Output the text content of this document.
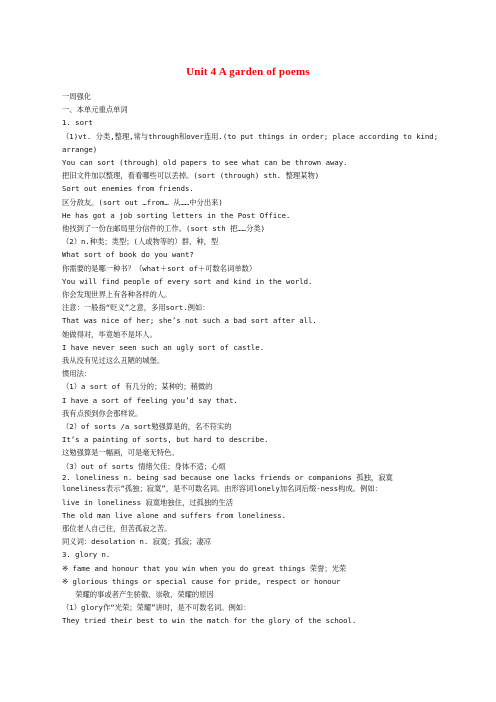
Unit 4 A garden of poems
一周强化
一、本单元重点单词
1. sort
（1)vt. 分类,整理,常与through和over连用.(to put things in order; place according to kind; arrange)
You can sort (through) old papers to see what can be thrown away.
把旧文件加以整理，看看哪些可以丢掉。(sort (through) sth. 整理某物)
Sort out enemies from friends.
区分敌友。(sort out …from… 从……中分出来)
He has got a job sorting letters in the Post Office.
他找到了一份在邮局里分信件的工作。(sort sth 把……分类)
（2）n.种类；类型；(人或物等的）群，种，型
What sort of book do you want?
你需要的是哪一种书？（what＋sort of＋可数名词单数）
You will find people of every sort and kind in the world.
你会发现世界上有各种各样的人。
注意：一般指“贬义”之意，多用sort.例如：
That was nice of her; she’s not such a bad sort after all.
她做得对，毕竟她不是坏人。
I have never seen such an ugly sort of castle.
我从没有见过这么丑陋的城堡。
惯用法：
（1）a sort of 有几分的；某种的；稍微的
I have a sort of feeling you’d say that.
我有点预到你会那样说。
（2）of sorts /a sort勉强算是的，名不符实的
It’s a painting of sorts, but hard to describe.
这勉强算是一幅画，可是毫无特色。
（3）out of sorts 情绪欠佳；身体不适；心烦
2. loneliness n. being sad because one lacks friends or companions 孤独，寂寞
loneliness表示“孤独；寂寞”，是不可数名词。由形容词lonely加名词后缀-ness构成。例如：
live in loneliness 寂寞地独住，过孤独的生活
The old man live alone and suffers from loneliness.
那位老人自己住，但苦孤寂之苦。
同义词：desolation n. 寂寞；孤寂；凄凉
3. glory n.
※ fame and honour that you win when you do great things 荣誉；光荣
※ glorious things or special cause for pride, respect or honour
荣耀的事或者产生骄傲、崇敬、荣耀的原因
（1）glory作“光荣；荣耀”讲时，是不可数名词。例如：
They tried their best to win the match for the glory of the school.
